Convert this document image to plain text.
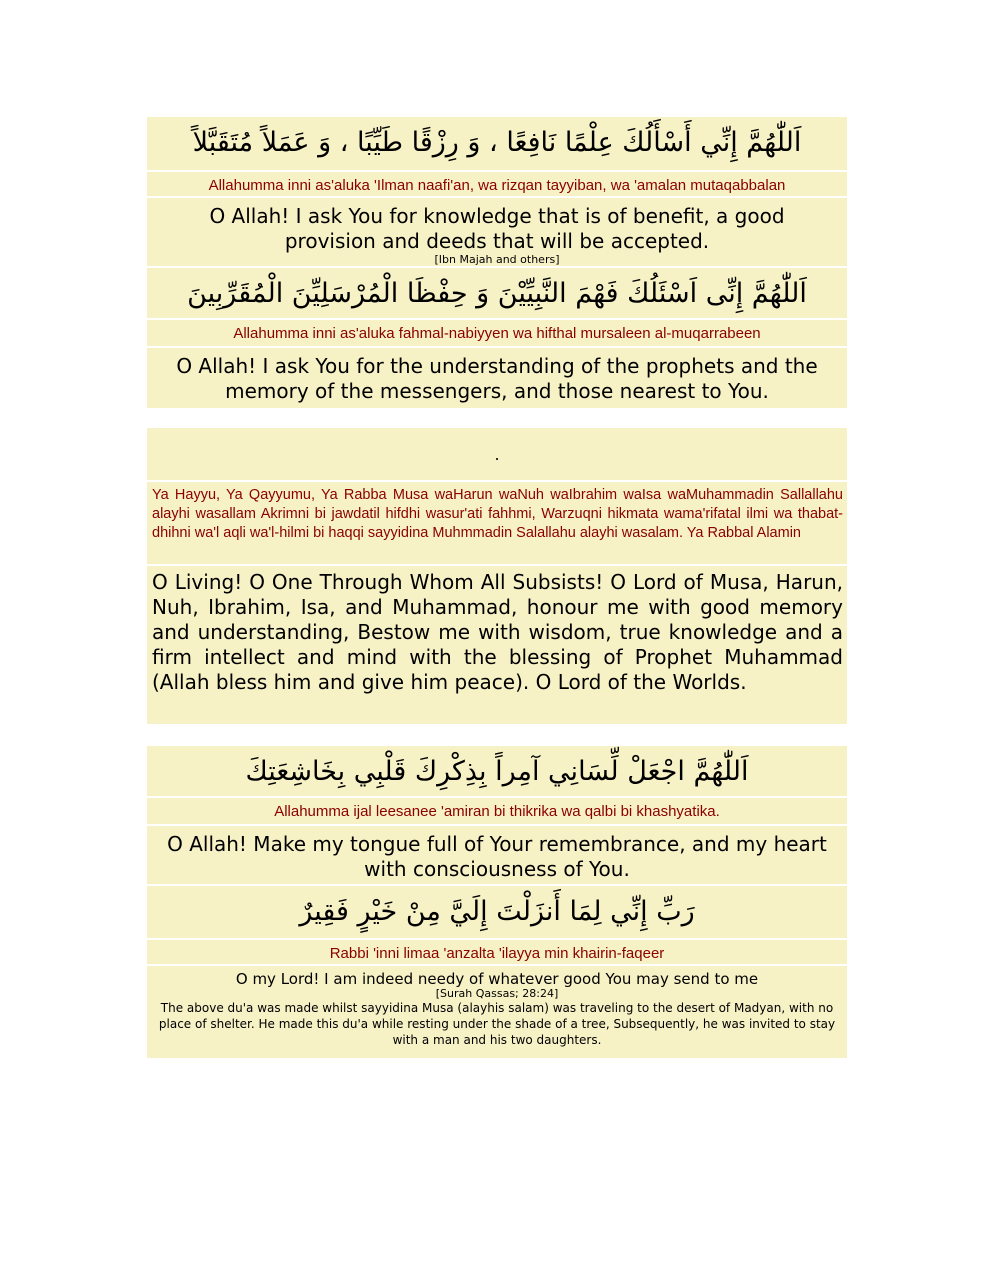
اَللّٰهُمَّ إِنِّي أَسْأَلُكَ عِلْمًا نَافِعًا ، وَ رِزْقًا طَيِّبًا ، وَ عَمَلاً مُتَقَبَّلاً
Allahumma inni as'aluka 'Ilman naafi'an, wa rizqan tayyiban, wa 'amalan mutaqabbalan
O Allah! I ask You for knowledge that is of benefit, a good provision and deeds that will be accepted.
[Ibn Majah and others]
اَللّٰهُمَّ إِنِّى اَسْئَلُكَ فَهْمَ النَّبِيِّيْنَ وَ حِفْظَا الْمُرْسَلِيِّنَ الْمُقَرِّبِينَ
Allahumma inni as'aluka fahmal-nabiyyen wa hifthal mursaleen al-muqarrabeen
O Allah! I ask You for the understanding of the prophets and the memory of the messengers, and those nearest to You.
.
Ya Hayyu, Ya Qayyumu, Ya Rabba Musa waHarun waNuh waIbrahim waIsa waMuhammadin Sallallahu alayhi wasallam Akrimni bi jawdatil hifdhi wasur'ati fahhmi, Warzuqni hikmata wama'rifatal ilmi wa thabat- dhihni wa'l aqli wa'l-hilmi bi haqqi sayyidina Muhmmadin Salallahu alayhi wasalam. Ya Rabbal Alamin
O Living! O One Through Whom All Subsists! O Lord of Musa, Harun, Nuh, Ibrahim, Isa, and Muhammad, honour me with good memory and understanding, Bestow me with wisdom, true knowledge and a firm intellect and mind with the blessing of Prophet Muhammad (Allah bless him and give him peace). O Lord of the Worlds.
اَللّٰهُمَّ اجْعَلْ لِّسَانِي آمِراً بِذِكْرِكَ قَلْبِي بِخَاشِعَتِكَ
Allahumma ijal leesanee 'amiran bi thikrika wa qalbi bi khashyatika.
O Allah! Make my tongue full of Your remembrance, and my heart with consciousness of You.
رَبِّ إِنِّي لِمَا أَنزَلْتَ إِلَيَّ مِنْ خَيْرٍ فَقِيرٌ
Rabbi 'inni limaa 'anzalta 'ilayya min khairin-faqeer
O my Lord! I am indeed needy of whatever good You may send to me
[Surah Qassas; 28:24]
The above du'a was made whilst sayyidina Musa (alayhis salam) was traveling to the desert of Madyan, with no place of shelter. He made this du'a while resting under the shade of a tree, Subsequently, he was invited to stay with a man and his two daughters.
